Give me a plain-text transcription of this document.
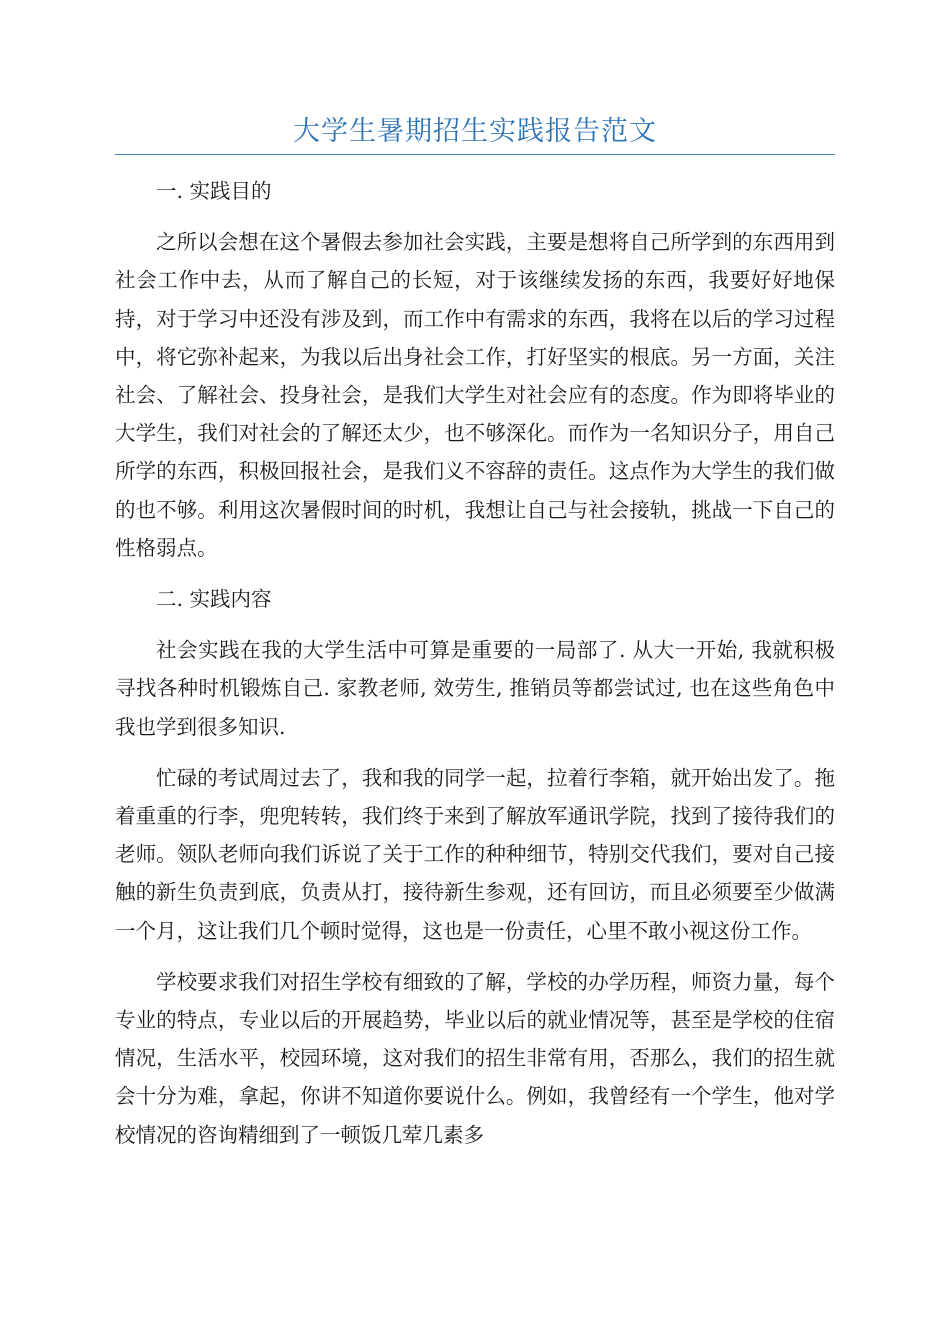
大学生暑期招生实践报告范文

一. 实践目的

之所以会想在这个暑假去参加社会实践，主要是想将自己所学到的东西用到社会工作中去，从而了解自己的长短，对于该继续发扬的东西，我要好好地保持，对于学习中还没有涉及到，而工作中有需求的东西，我将在以后的学习过程中，将它弥补起来，为我以后出身社会工作，打好坚实的根底。另一方面，关注社会、了解社会、投身社会，是我们大学生对社会应有的态度。作为即将毕业的大学生，我们对社会的了解还太少，也不够深化。而作为一名知识分子，用自己所学的东西，积极回报社会，是我们义不容辞的责任。这点作为大学生的我们做的也不够。利用这次暑假时间的时机，我想让自己与社会接轨，挑战一下自己的性格弱点。

二. 实践内容

社会实践在我的大学生活中可算是重要的一局部了. 从大一开始, 我就积极寻找各种时机锻炼自己. 家教老师, 效劳生, 推销员等都尝试过, 也在这些角色中我也学到很多知识.

忙碌的考试周过去了，我和我的同学一起，拉着行李箱，就开始出发了。拖着重重的行李，兜兜转转，我们终于来到了解放军通讯学院，找到了接待我们的老师。领队老师向我们诉说了关于工作的种种细节，特别交代我们，要对自己接触的新生负责到底，负责从打，接待新生参观，还有回访，而且必须要至少做满一个月，这让我们几个顿时觉得，这也是一份责任，心里不敢小视这份工作。

学校要求我们对招生学校有细致的了解，学校的办学历程，师资力量，每个专业的特点，专业以后的开展趋势，毕业以后的就业情况等，甚至是学校的住宿情况，生活水平，校园环境，这对我们的招生非常有用，否那么，我们的招生就会十分为难，拿起，你讲不知道你要说什么。例如，我曾经有一个学生，他对学校情况的咨询精细到了一顿饭几荤几素多
